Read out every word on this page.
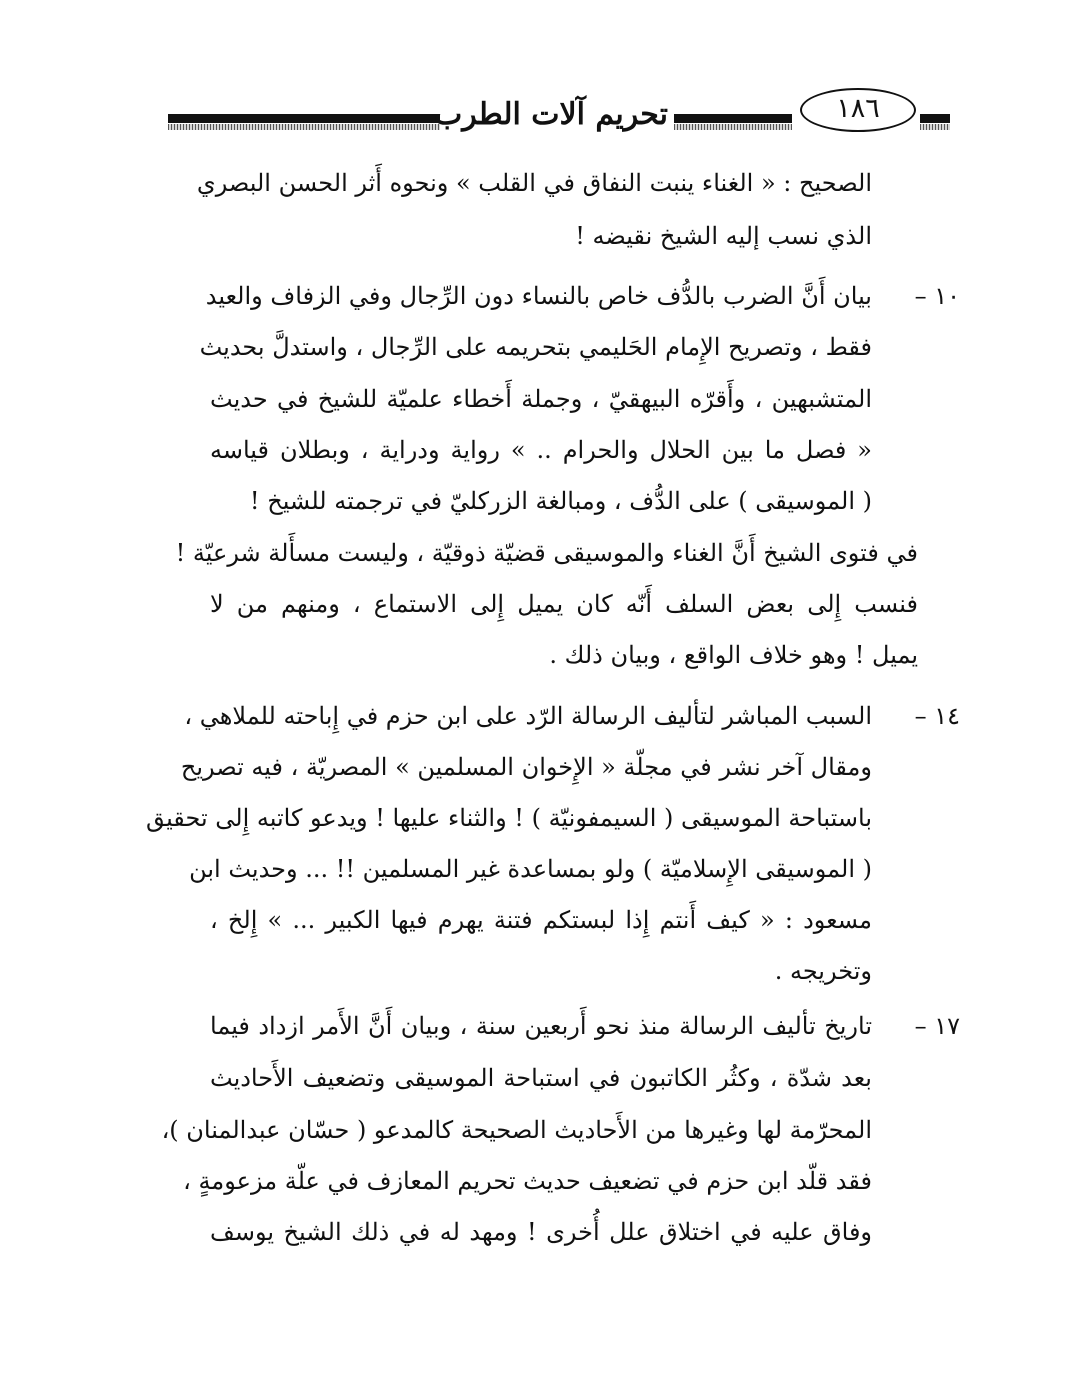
تحريم آلات الطرب	١٨٦
الصحيح : « الغناء ينبت النفاق في القلب » ونحوه أَثر الحسن البصري
الذي نسب إليه الشيخ نقيضه !
١٠ –
بيان أَنَّ الضرب بالدُّف خاص بالنساء دون الرِّجال وفي الزفاف والعيد
فقط ، وتصريح الإِمام الحَليمي بتحريمه على الرِّجال ، واستدلَّ بحديث
المتشبهين ، وأَقرّه البيهقيّ ، وجملة أَخطاء علميّة للشيخ في حديث
« فصل ما بين الحلال والحرام .. » رواية ودراية ، وبطلان قياسه
( الموسيقى ) على الدُّف ، ومبالغة الزركليّ في ترجمته للشيخ !
في فتوى الشيخ أَنَّ الغناء والموسيقى قضيّة ذوقيّة ، وليست مسأَلة شرعيّة !
فنسب إِلى بعض السلف أَنّه كان يميل إِلى الاستماع ، ومنهم من لا
يميل ! وهو خلاف الواقع ، وبيان ذلك .
١٤ –
السبب المباشر لتأليف الرسالة الرّد على ابن حزم في إِباحته للملاهي ،
ومقال آخر نشر في مجلّة « الإِخوان المسلمين » المصريّة ، فيه تصريح
باستباحة الموسيقى ( السيمفونيّة ) ! والثناء عليها ! ويدعو كاتبه إِلى تحقيق
( الموسيقى الإِسلاميّة ) ولو بمساعدة غير المسلمين !! ... وحديث ابن
مسعود : « كيف أَنتم إِذا لبستكم فتنة يهرم فيها الكبير ... » إِلخ ،
وتخريجه .
١٧ –
تاريخ تأليف الرسالة منذ نحو أَربعين سنة ، وبيان أَنَّ الأَمر ازداد فيما
بعد شدّة ، وكثُر الكاتبون في استباحة الموسيقى وتضعيف الأَحاديث
المحرّمة لها وغيرها من الأَحاديث الصحيحة كالمدعو ( حسّان عبدالمنان )،
فقد قلّد ابن حزم في تضعيف حديث تحريم المعازف في علّة مزعومةٍ ،
وفاق عليه في اختلاق علل أُخرى ! ومهد له في ذلك الشيخ يوسف
